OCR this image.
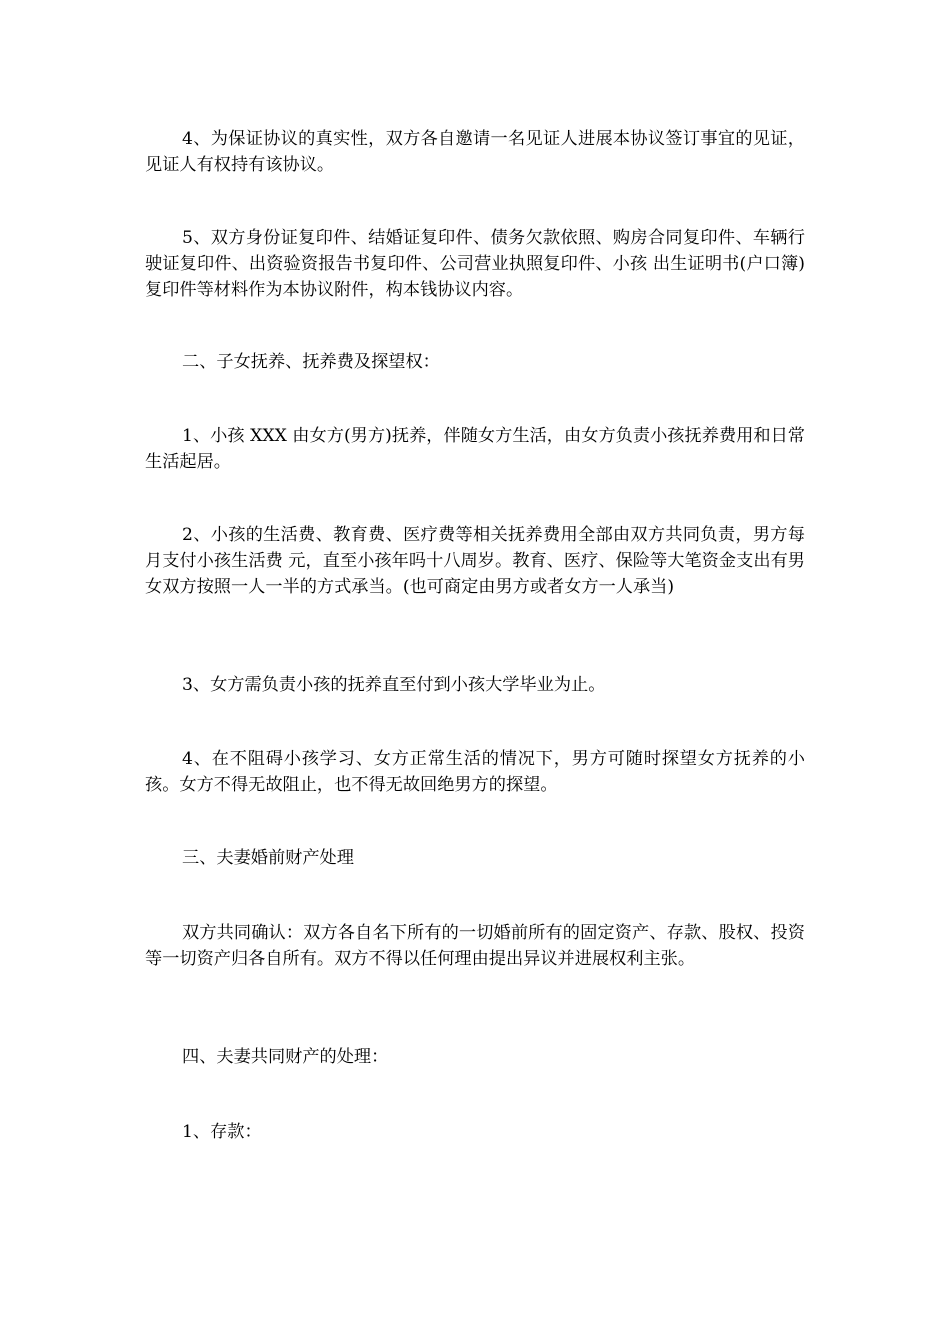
4、为保证协议的真实性，双方各自邀请一名见证人进展本协议签订事宜的见证，见证人有权持有该协议。

5、双方身份证复印件、结婚证复印件、债务欠款依照、购房合同复印件、车辆行驶证复印件、出资验资报告书复印件、公司营业执照复印件、小孩 出生证明书(户口簿)复印件等材料作为本协议附件，构本钱协议内容。

二、子女抚养、抚养费及探望权：

1、小孩 XXX 由女方(男方)抚养，伴随女方生活，由女方负责小孩抚养费用和日常生活起居。

2、小孩的生活费、教育费、医疗费等相关抚养费用全部由双方共同负责，男方每月支付小孩生活费 元，直至小孩年吗十八周岁。教育、医疗、保险等大笔资金支出有男女双方按照一人一半的方式承当。(也可商定由男方或者女方一人承当)

3、女方需负责小孩的抚养直至付到小孩大学毕业为止。

4、在不阻碍小孩学习、女方正常生活的情况下，男方可随时探望女方抚养的小孩。女方不得无故阻止，也不得无故回绝男方的探望。

三、夫妻婚前财产处理

双方共同确认：双方各自名下所有的一切婚前所有的固定资产、存款、股权、投资等一切资产归各自所有。双方不得以任何理由提出异议并进展权利主张。

四、夫妻共同财产的处理：

1、存款：
